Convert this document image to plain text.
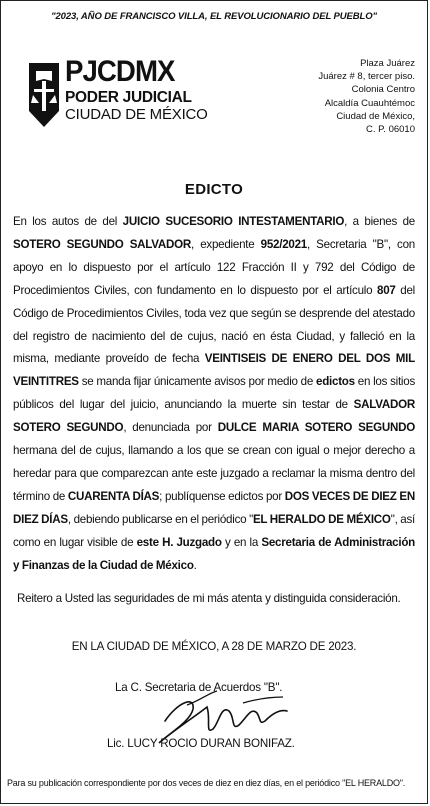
"2023, AÑO DE FRANCISCO VILLA, EL REVOLUCIONARIO DEL PUEBLO"
PJCDMX
PODER JUDICIAL
CIUDAD DE MÉXICO
Plaza Juárez
Juárez # 8, tercer piso.
Colonia Centro
Alcaldía Cuauhtémoc
Ciudad de México,
C. P. 06010
EDICTO
En los autos de del JUICIO SUCESORIO INTESTAMENTARIO, a bienes de SOTERO SEGUNDO SALVADOR, expediente 952/2021, Secretaria "B", con apoyo en lo dispuesto por el artículo 122 Fracción II y 792 del Código de Procedimientos Civiles, con fundamento en lo dispuesto por el artículo 807 del Código de Procedimientos Civiles, toda vez que según se desprende del atestado del registro de nacimiento del de cujus, nació en ésta Ciudad, y falleció en la misma, mediante proveído de fecha VEINTISEIS DE ENERO DEL DOS MIL VEINTITRES se manda fijar únicamente avisos por medio de edictos en los sitios públicos del lugar del juicio, anunciando la muerte sin testar de SALVADOR SOTERO SEGUNDO, denunciada por DULCE MARIA SOTERO SEGUNDO hermana del de cujus, llamando a los que se crean con igual o mejor derecho a heredar para que comparezcan ante este juzgado a reclamar la misma dentro del término de CUARENTA DÍAS; publíquense edictos por DOS VECES DE DIEZ EN DIEZ DÍAS, debiendo publicarse en el periódico "EL HERALDO DE MÉXICO", así como en lugar visible de este H. Juzgado y en la Secretaria de Administración y Finanzas de la Ciudad de México.
Reitero a Usted las seguridades de mi más atenta y distinguida consideración.
EN LA CIUDAD DE MÉXICO, A 28 DE MARZO DE 2023.
La C. Secretaria de Acuerdos "B".
Lic. LUCY ROCIO DURAN BONIFAZ.
Para su publicación correspondiente por dos veces de diez en diez días, en el periódico "EL HERALDO".
